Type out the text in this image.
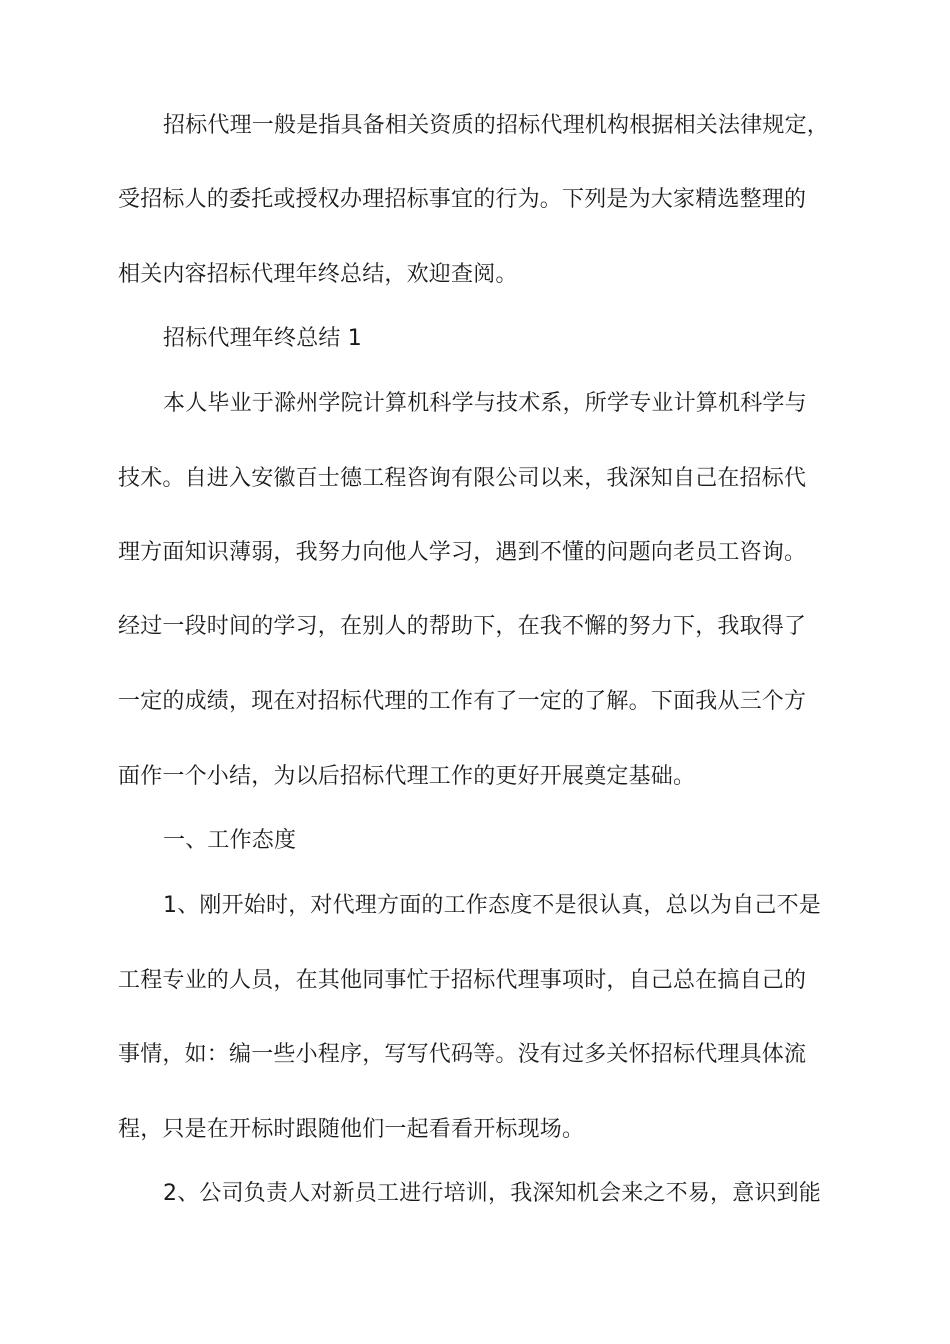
招标代理一般是指具备相关资质的招标代理机构根据相关法律规定，
受招标人的委托或授权办理招标事宜的行为。下列是为大家精选整理的
相关内容招标代理年终总结，欢迎查阅。
招标代理年终总结 1
本人毕业于滁州学院计算机科学与技术系，所学专业计算机科学与
技术。自进入安徽百士德工程咨询有限公司以来，我深知自己在招标代
理方面知识薄弱，我努力向他人学习，遇到不懂的问题向老员工咨询。
经过一段时间的学习，在别人的帮助下，在我不懈的努力下，我取得了
一定的成绩，现在对招标代理的工作有了一定的了解。下面我从三个方
面作一个小结，为以后招标代理工作的更好开展奠定基础。
一、工作态度
1、刚开始时，对代理方面的工作态度不是很认真，总以为自己不是
工程专业的人员，在其他同事忙于招标代理事项时，自己总在搞自己的
事情，如：编一些小程序，写写代码等。没有过多关怀招标代理具体流
程，只是在开标时跟随他们一起看看开标现场。
2、公司负责人对新员工进行培训，我深知机会来之不易，意识到能
